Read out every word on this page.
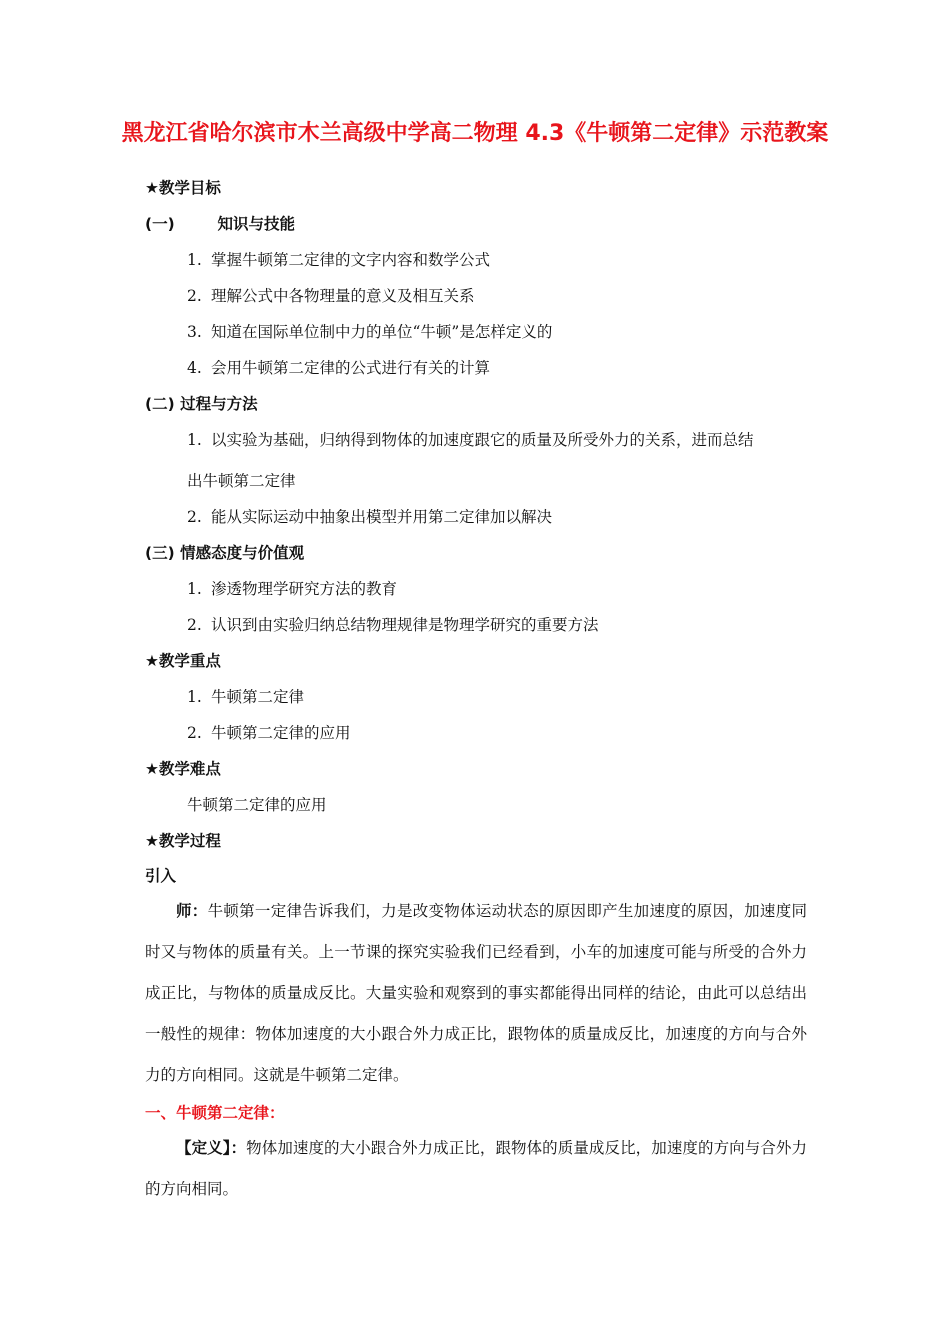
黑龙江省哈尔滨市木兰高级中学高二物理 4.3《牛顿第二定律》示范教案
★教学目标
(一)	知识与技能
1. 掌握牛顿第二定律的文字内容和数学公式
2. 理解公式中各物理量的意义及相互关系
3. 知道在国际单位制中力的单位“牛顿”是怎样定义的
4. 会用牛顿第二定律的公式进行有关的计算
(二) 过程与方法
1. 以实验为基础，归纳得到物体的加速度跟它的质量及所受外力的关系，进而总结
出牛顿第二定律
2. 能从实际运动中抽象出模型并用第二定律加以解决
(三) 情感态度与价值观
1. 渗透物理学研究方法的教育
2. 认识到由实验归纳总结物理规律是物理学研究的重要方法
★教学重点
1. 牛顿第二定律
2. 牛顿第二定律的应用
★教学难点
牛顿第二定律的应用
★教学过程
引入
师：牛顿第一定律告诉我们，力是改变物体运动状态的原因即产生加速度的原因，加速度同时又与物体的质量有关。上一节课的探究实验我们已经看到，小车的加速度可能与所受的合外力成正比，与物体的质量成反比。大量实验和观察到的事实都能得出同样的结论，由此可以总结出一般性的规律：物体加速度的大小跟合外力成正比，跟物体的质量成反比，加速度的方向与合外力的方向相同。这就是牛顿第二定律。
一、牛顿第二定律：
【定义】：物体加速度的大小跟合外力成正比，跟物体的质量成反比，加速度的方向与合外力的方向相同。
